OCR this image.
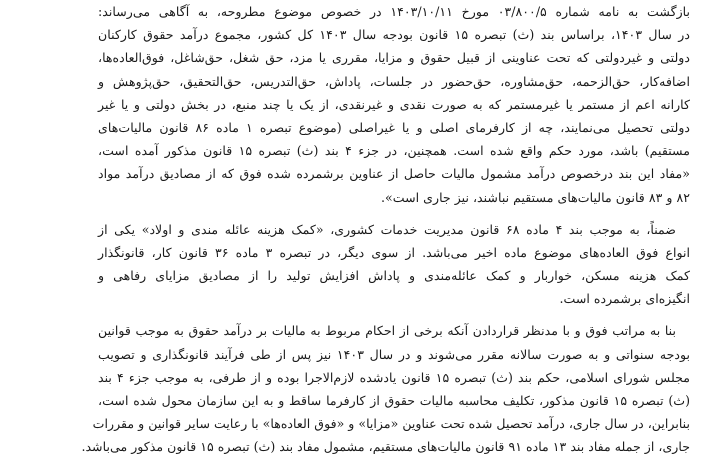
بازگشت به نامه شماره ۰۳/۸۰۰/۵ مورخ ۱۴۰۳/۱۰/۱۱ در خصوص موضوع مطروحه، به آگاهی می‌رساند:
در سال ۱۴۰۳، براساس بند (ث) تبصره ۱۵ قانون بودجه سال ۱۴۰۳ کل کشور، مجموع درآمد حقوق کارکنان
دولتی و غیردولتی که تحت عناوینی از قبیل حقوق و مزایا، مقرری یا مزد، حق شغل، حق‌شاغل، فوق‌العاده‌ها،
اضافه‌کار، حق‌الزحمه، حق‌مشاوره، حق‌حضور در جلسات، پاداش، حق‌التدریس، حق‌التحقیق، حق‌پژوهش و
کارانه اعم از مستمر یا غیرمستمر که به صورت نقدی و غیرنقدی، از یک یا چند منبع، در بخش دولتی و یا غیر
دولتی تحصیل می‌نمایند، چه از کارفرمای اصلی و یا غیراصلی (موضوع تبصره ۱ ماده ۸۶ قانون مالیات‌های
مستقیم) باشد، مورد حکم واقع شده است. همچنین، در جزء ۴ بند (ث) تبصره ۱۵ قانون مذکور آمده است،
«مفاد این بند درخصوص درآمد مشمول مالیات حاصل از عناوین برشمرده شده فوق که از مصادیق درآمد مواد
۸۲ و ۸۳ قانون مالیات‌های مستقیم نباشند، نیز جاری است».
ضمناً، به موجب بند ۴ ماده ۶۸ قانون مدیریت خدمات کشوری، «کمک هزینه عائله مندی و اولاد» یکی از
انواع فوق العاده‌های موضوع ماده اخیر می‌باشد. از سوی دیگر، در تبصره ۳ ماده ۳۶ قانون کار، قانونگذار
کمک هزینه مسکن، خواربار و کمک عائله‌مندی و پاداش افزایش تولید را از مصادیق مزایای رفاهی و
انگیزه‌ای برشمرده است.
بنا به مراتب فوق و با مدنظر قراردادن آنکه برخی از احکام مربوط به مالیات بر درآمد حقوق به موجب قوانین
بودجه سنواتی و به صورت سالانه مقرر می‌شوند و در سال ۱۴۰۳ نیز پس از طی فرآیند قانونگذاری و تصویب
مجلس شورای اسلامی، حکم بند (ث) تبصره ۱۵ قانون یادشده لازم‌الاجرا بوده و از طرفی، به موجب جزء ۴ بند
(ث) تبصره ۱۵ قانون مذکور، تکلیف محاسبه مالیات حقوق از کارفرما ساقط و به این سازمان محول شده است،
بنابراین، در سال جاری، درآمد تحصیل شده تحت عناوین «مزایا» و «فوق العاده‌ها» با رعایت سایر قوانین و مقررات
جاری، از جمله مفاد بند ۱۳ ماده ۹۱ قانون مالیات‌های مستقیم، مشمول مفاد بند (ث) تبصره ۱۵ قانون مذکور می‌باشد.
